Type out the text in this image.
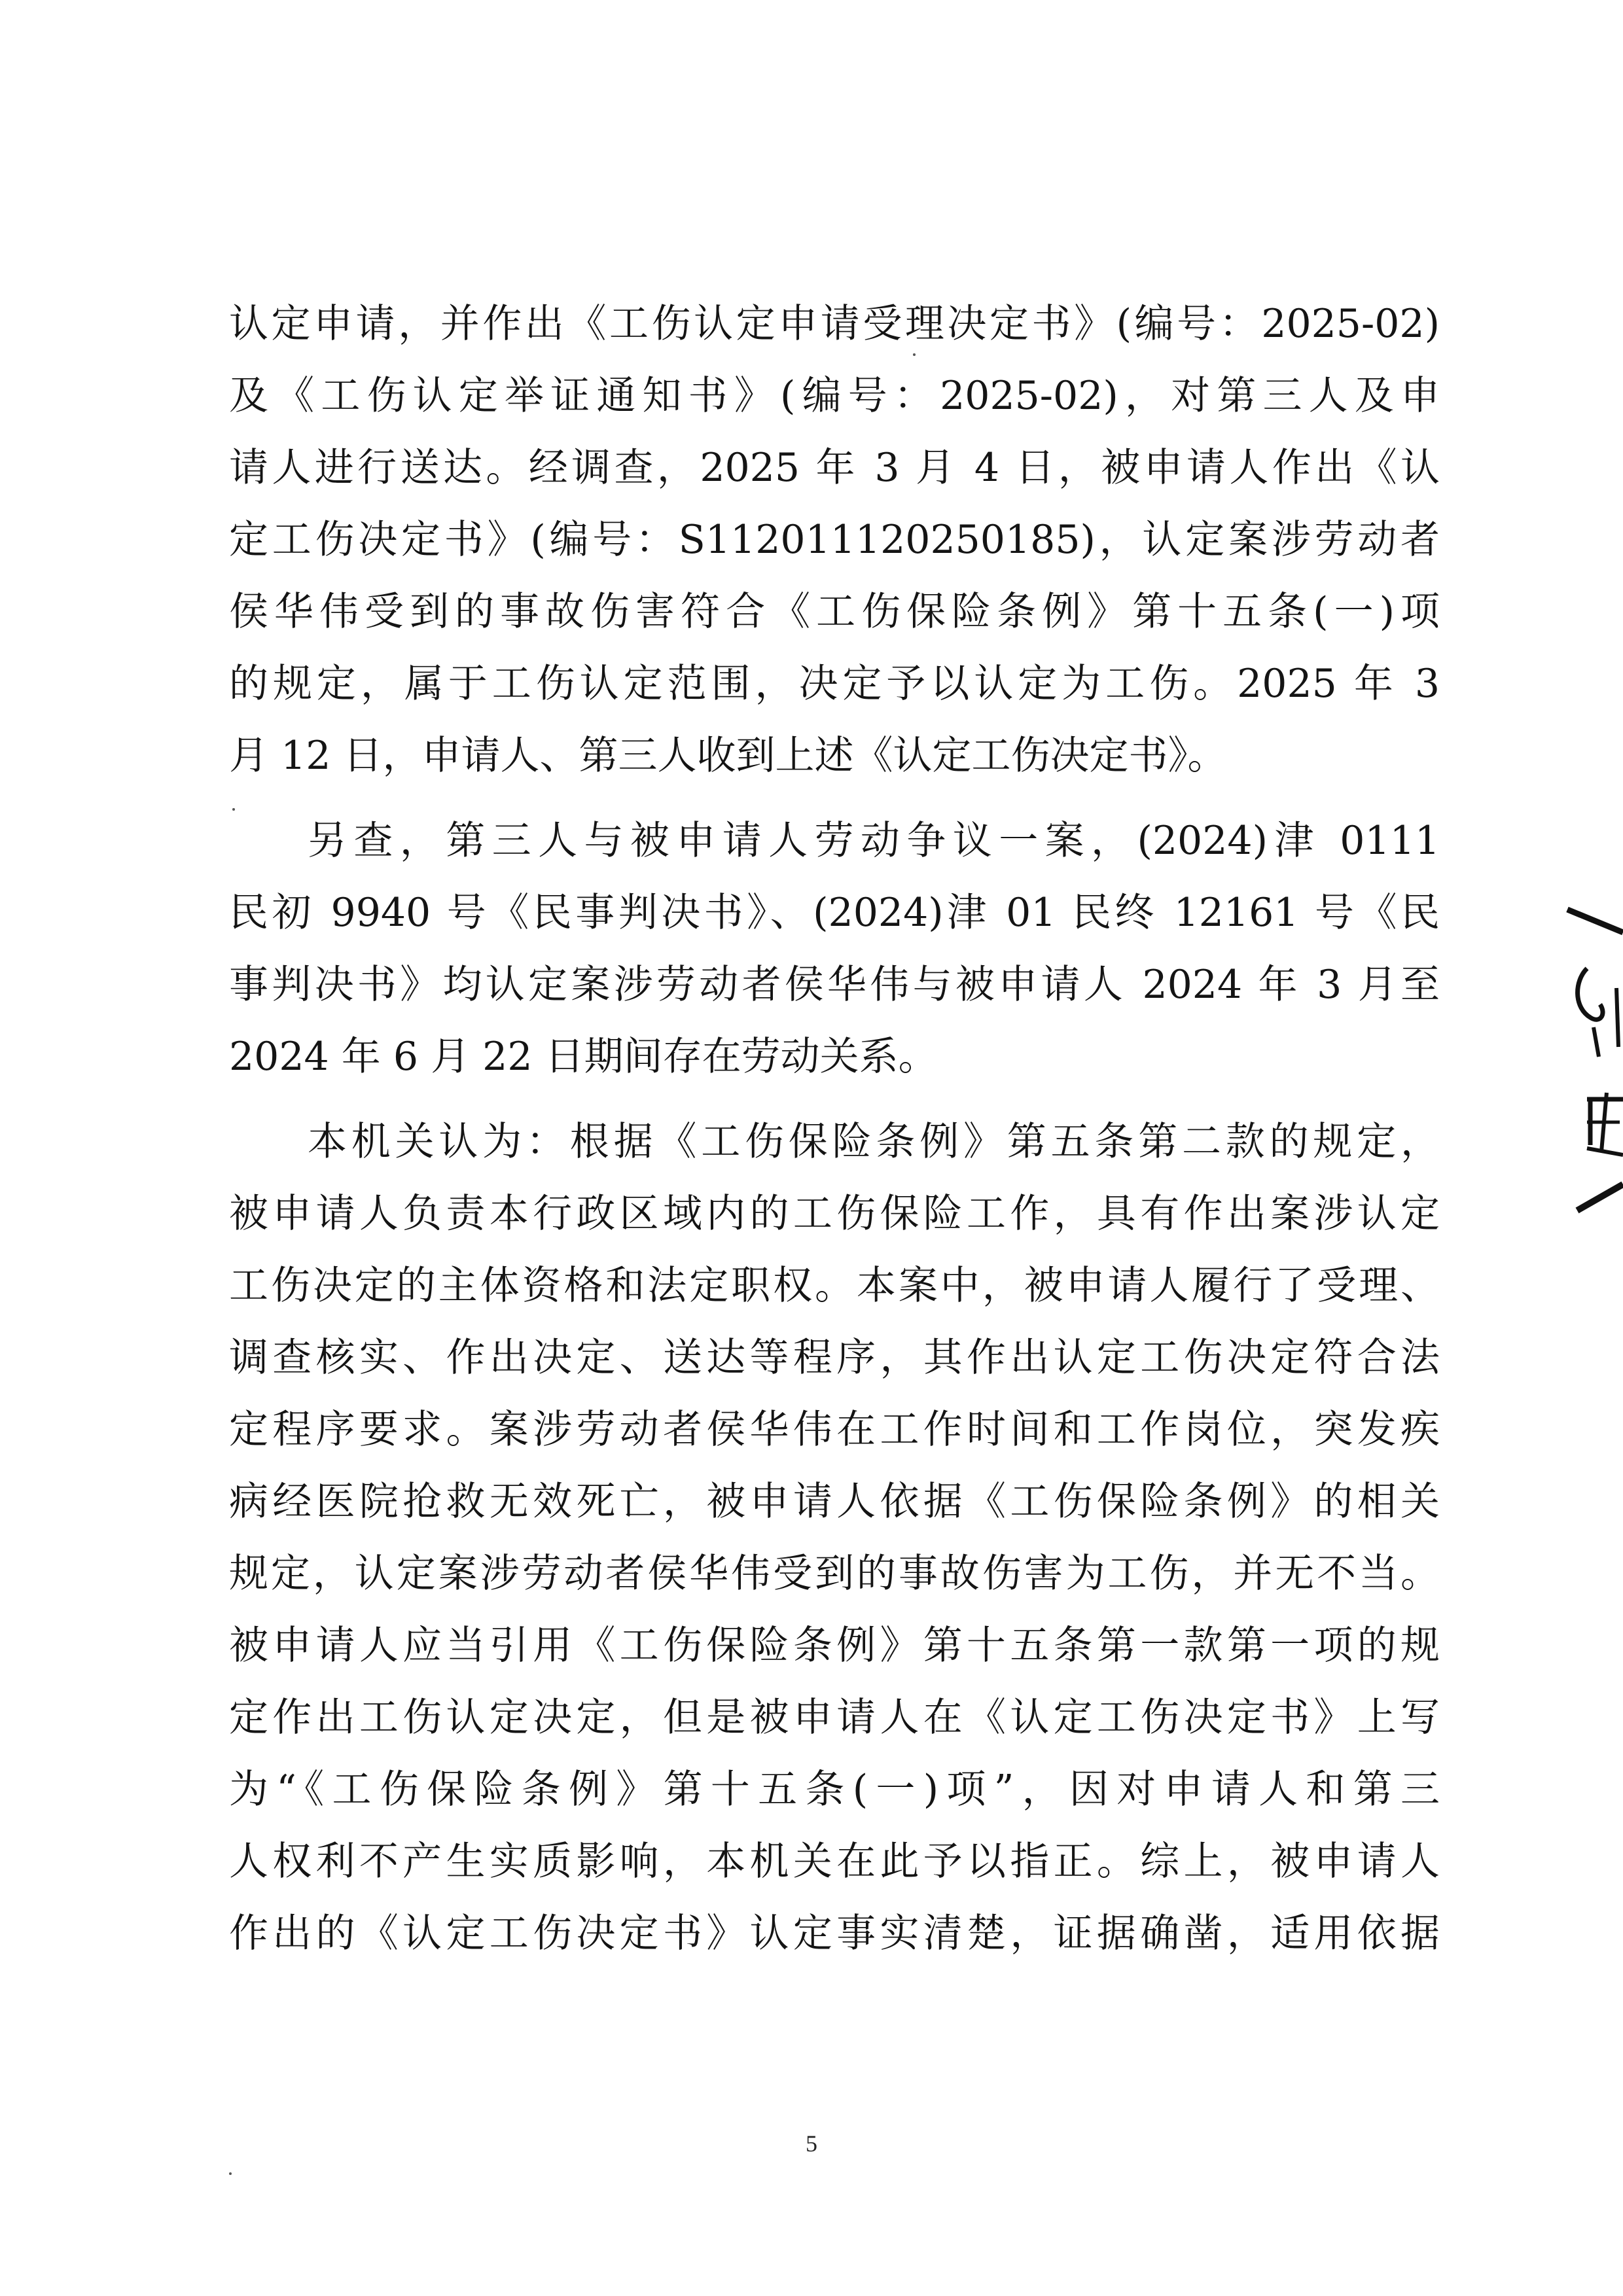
认定申请，并作出《工伤认定申请受理决定书》(编号：2025-02)
及《工伤认定举证通知书》(编号：2025-02)，对第三人及申
请人进行送达。经调查，2025 年 3 月 4 日，被申请人作出《认
定工伤决定书》(编号：S112011120250185)，认定案涉劳动者
侯华伟受到的事故伤害符合《工伤保险条例》第十五条(一)项
的规定，属于工伤认定范围，决定予以认定为工伤。2025 年 3
月 12 日，申请人、第三人收到上述《认定工伤决定书》。
另查，第三人与被申请人劳动争议一案，(2024)津 0111
民初 9940 号《民事判决书》、(2024)津 01 民终 12161 号《民
事判决书》均认定案涉劳动者侯华伟与被申请人 2024 年 3 月至
2024 年 6 月 22 日期间存在劳动关系。
本机关认为：根据《工伤保险条例》第五条第二款的规定，
被申请人负责本行政区域内的工伤保险工作，具有作出案涉认定
工伤决定的主体资格和法定职权。本案中，被申请人履行了受理、
调查核实、作出决定、送达等程序，其作出认定工伤决定符合法
定程序要求。案涉劳动者侯华伟在工作时间和工作岗位，突发疾
病经医院抢救无效死亡，被申请人依据《工伤保险条例》的相关
规定，认定案涉劳动者侯华伟受到的事故伤害为工伤，并无不当。
被申请人应当引用《工伤保险条例》第十五条第一款第一项的规
定作出工伤认定决定，但是被申请人在《认定工伤决定书》上写
为“《工伤保险条例》第十五条(一)项”，因对申请人和第三
人权利不产生实质影响，本机关在此予以指正。综上，被申请人
作出的《认定工伤决定书》认定事实清楚，证据确凿，适用依据
5
